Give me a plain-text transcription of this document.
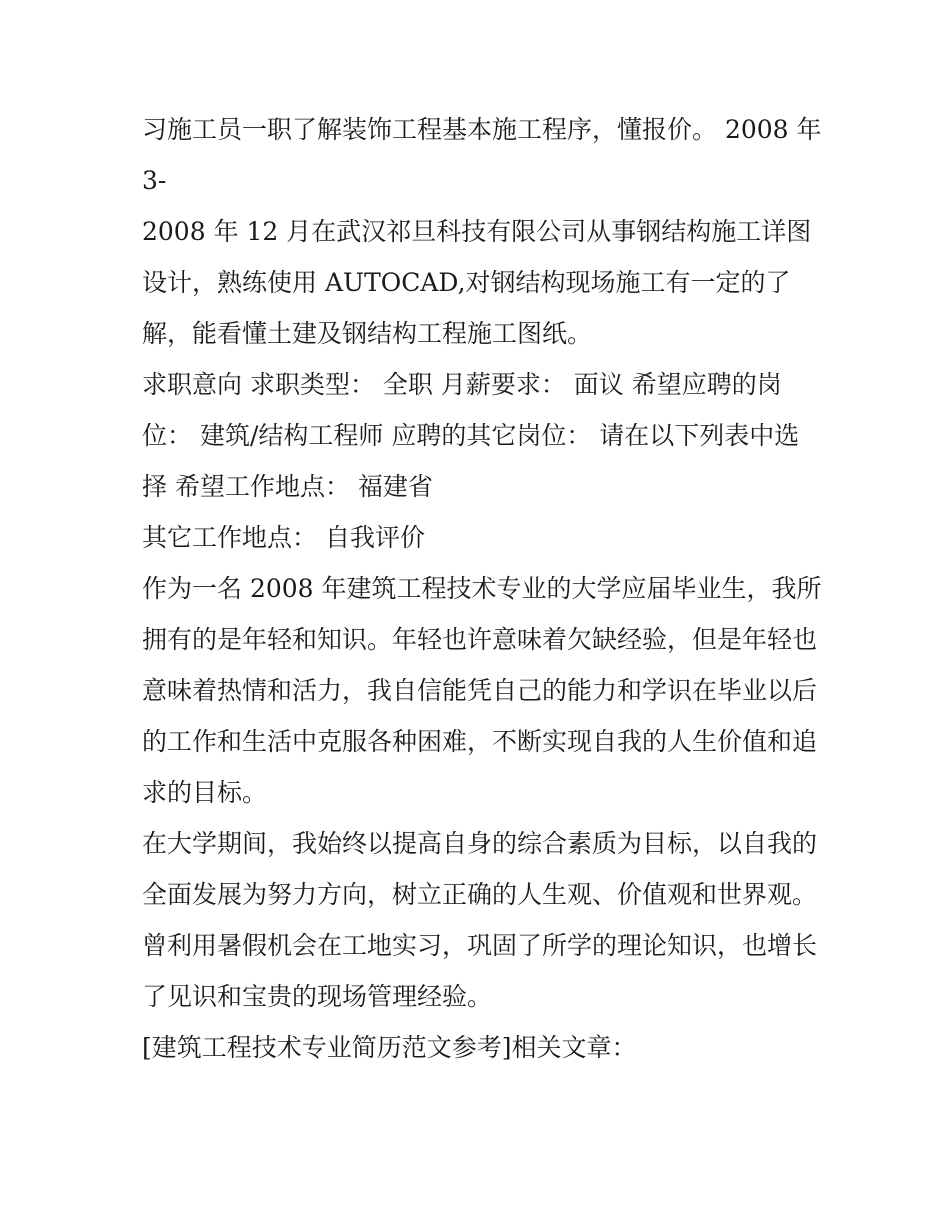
习施工员一职了解装饰工程基本施工程序，懂报价。 2008 年 3-

2008 年 12 月在武汉祁旦科技有限公司从事钢结构施工详图设计，熟练使用 AUTOCAD,对钢结构现场施工有一定的了解，能看懂土建及钢结构工程施工图纸。

求职意向 求职类型： 全职 月薪要求： 面议 希望应聘的岗位： 建筑/结构工程师 应聘的其它岗位： 请在以下列表中选择 希望工作地点： 福建省

其它工作地点： 自我评价

作为一名 2008 年建筑工程技术专业的大学应届毕业生，我所拥有的是年轻和知识。年轻也许意味着欠缺经验，但是年轻也意味着热情和活力，我自信能凭自己的能力和学识在毕业以后的工作和生活中克服各种困难，不断实现自我的人生价值和追求的目标。

在大学期间，我始终以提高自身的综合素质为目标，以自我的全面发展为努力方向，树立正确的人生观、价值观和世界观。曾利用暑假机会在工地实习，巩固了所学的理论知识，也增长了见识和宝贵的现场管理经验。

[建筑工程技术专业简历范文参考]相关文章：
